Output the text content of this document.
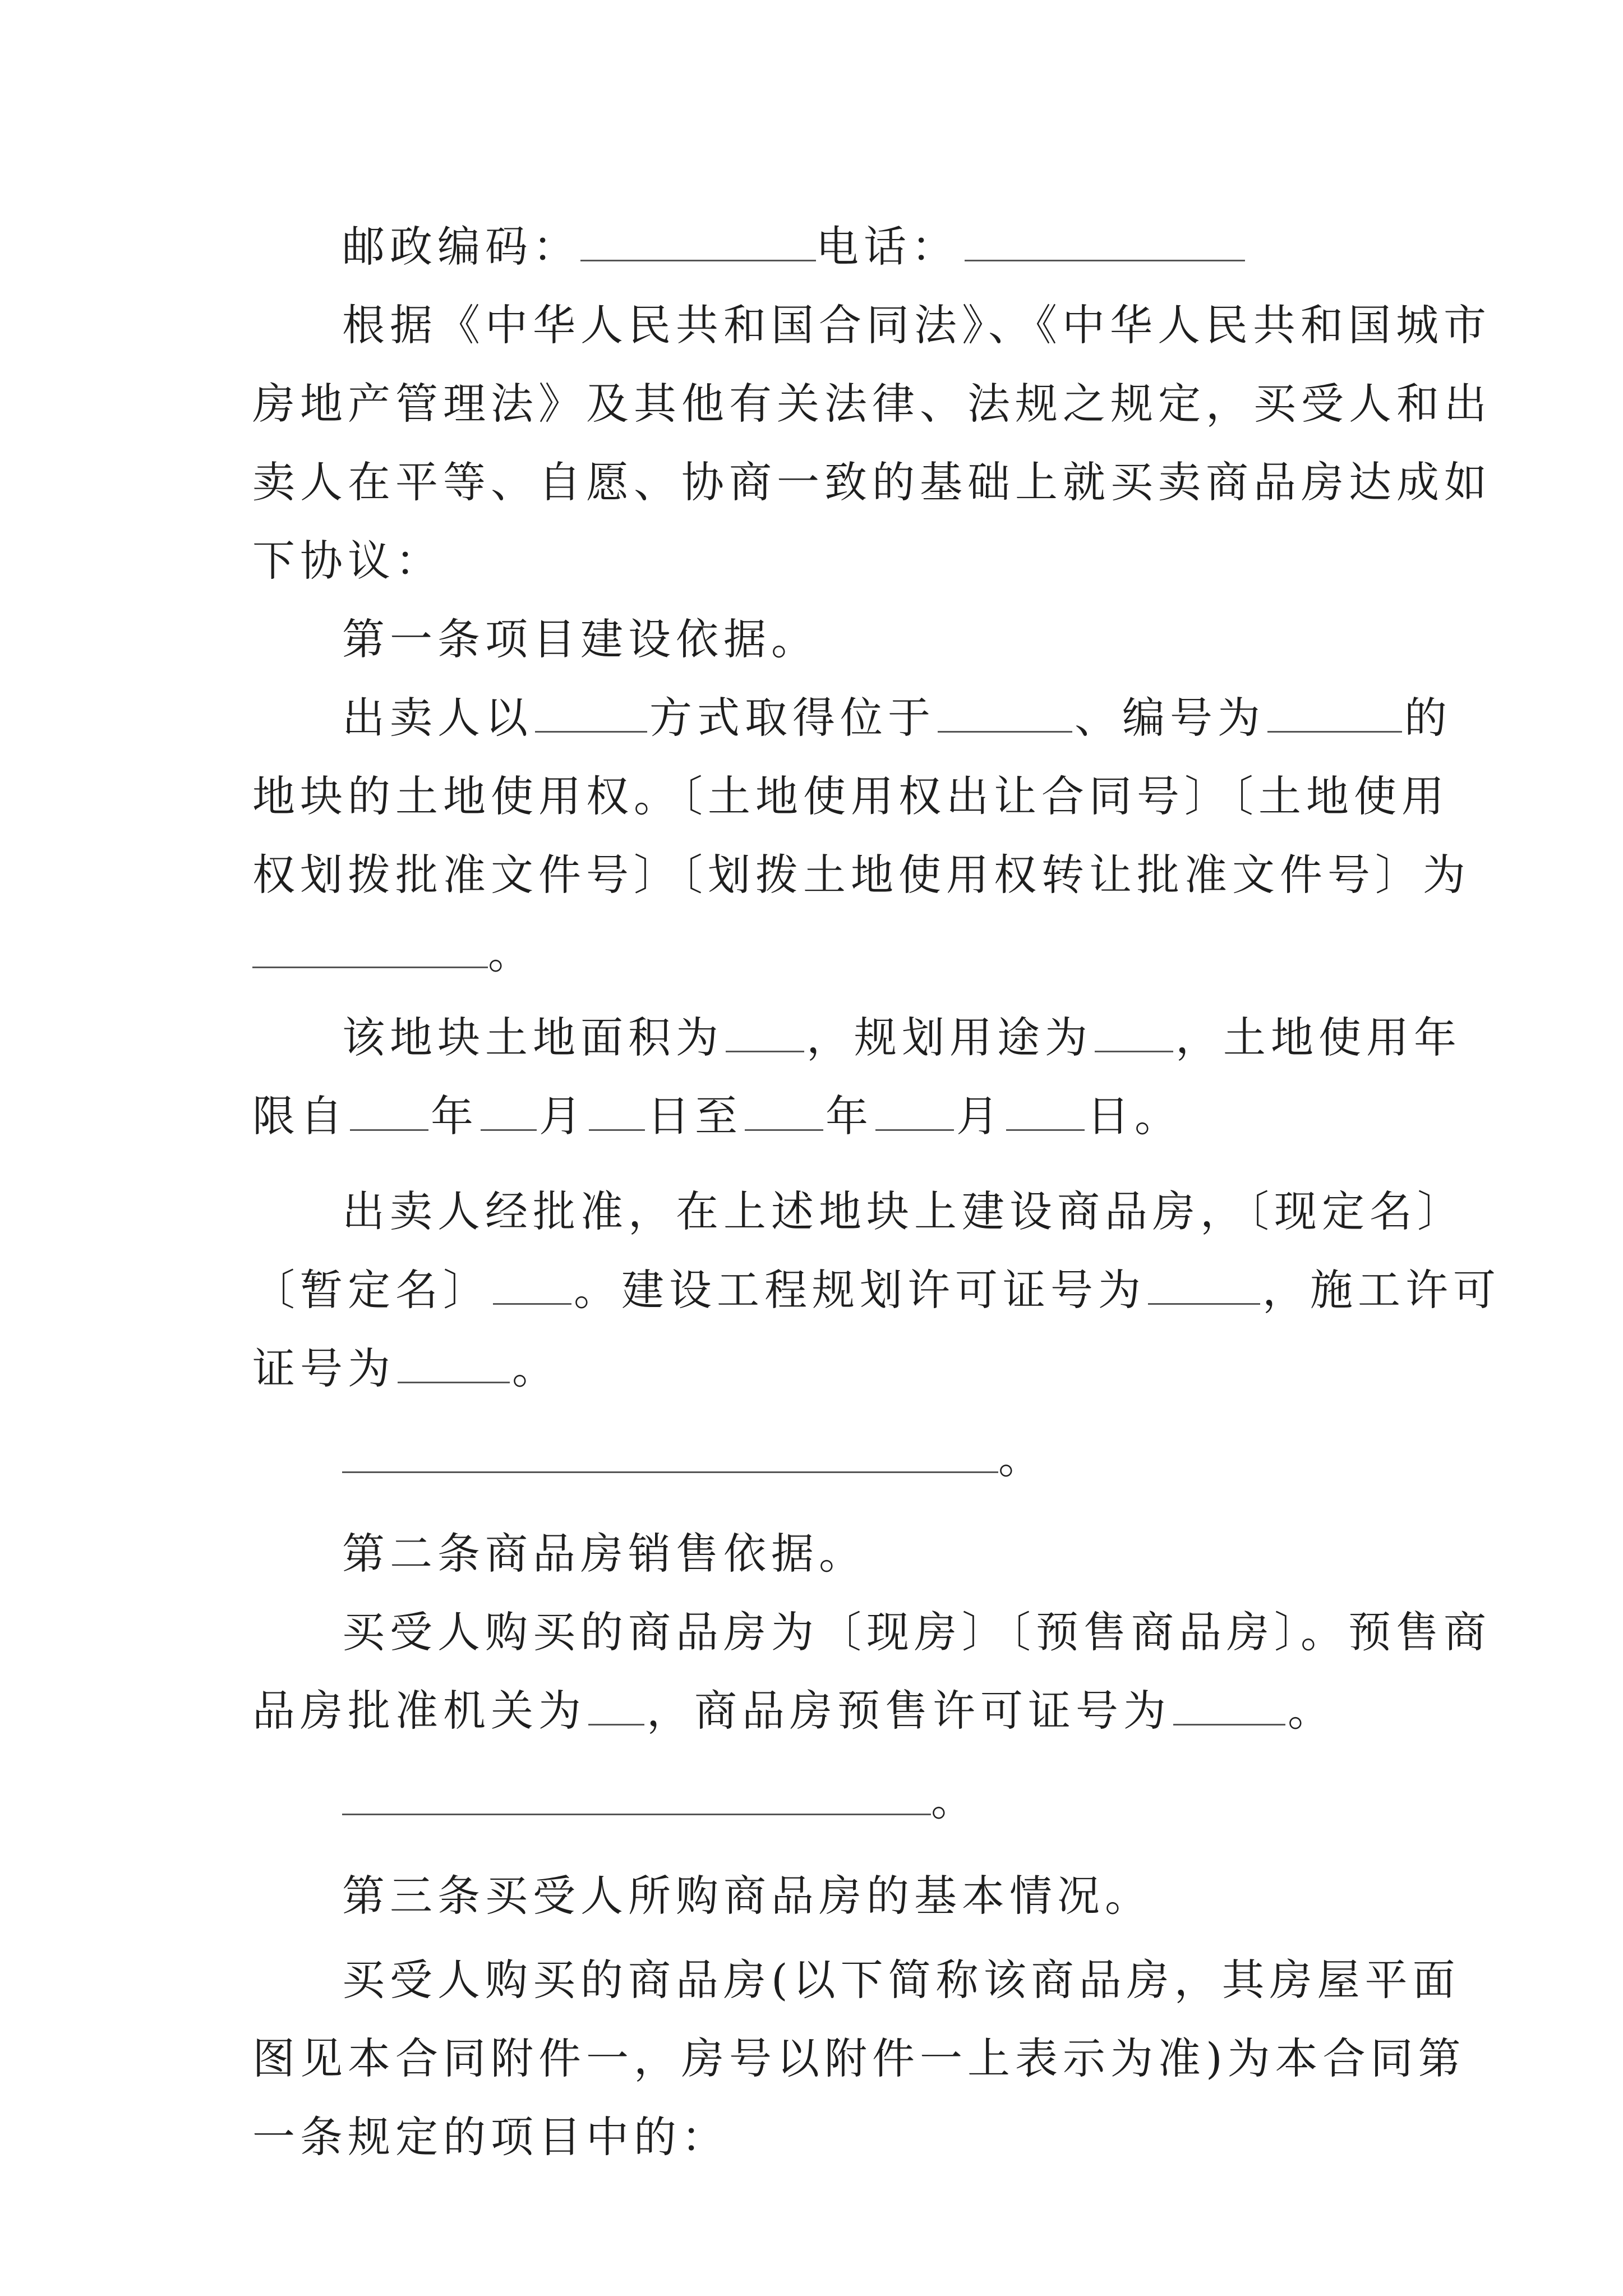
邮政编码：	电话：
根据《中华人民共和国合同法》、《中华人民共和国城市
房地产管理法》及其他有关法律、法规之规定，买受人和出
卖人在平等、自愿、协商一致的基础上就买卖商品房达成如
下协议：
第一条项目建设依据。
出卖人以	方式取得位于	、编号为	的
地块的土地使用权。〔土地使用权出让合同号〕〔土地使用
权划拨批准文件号〕〔划拨土地使用权转让批准文件号〕为
。
该地块土地面积为 ，规划用途为 ，土地使用年
限自 年 月 日至 年 月 日。
出卖人经批准，在上述地块上建设商品房，〔现定名〕
〔暂定名〕 。建设工程规划许可证号为	，施工许可
证号为	。
。
第二条商品房销售依据。
买受人购买的商品房为〔现房〕〔预售商品房〕。预售商
品房批准机关为 ，商品房预售许可证号为	。
。
第三条买受人所购商品房的基本情况。
买受人购买的商品房(以下简称该商品房，其房屋平面
图见本合同附件一，房号以附件一上表示为准)为本合同第
一条规定的项目中的：
